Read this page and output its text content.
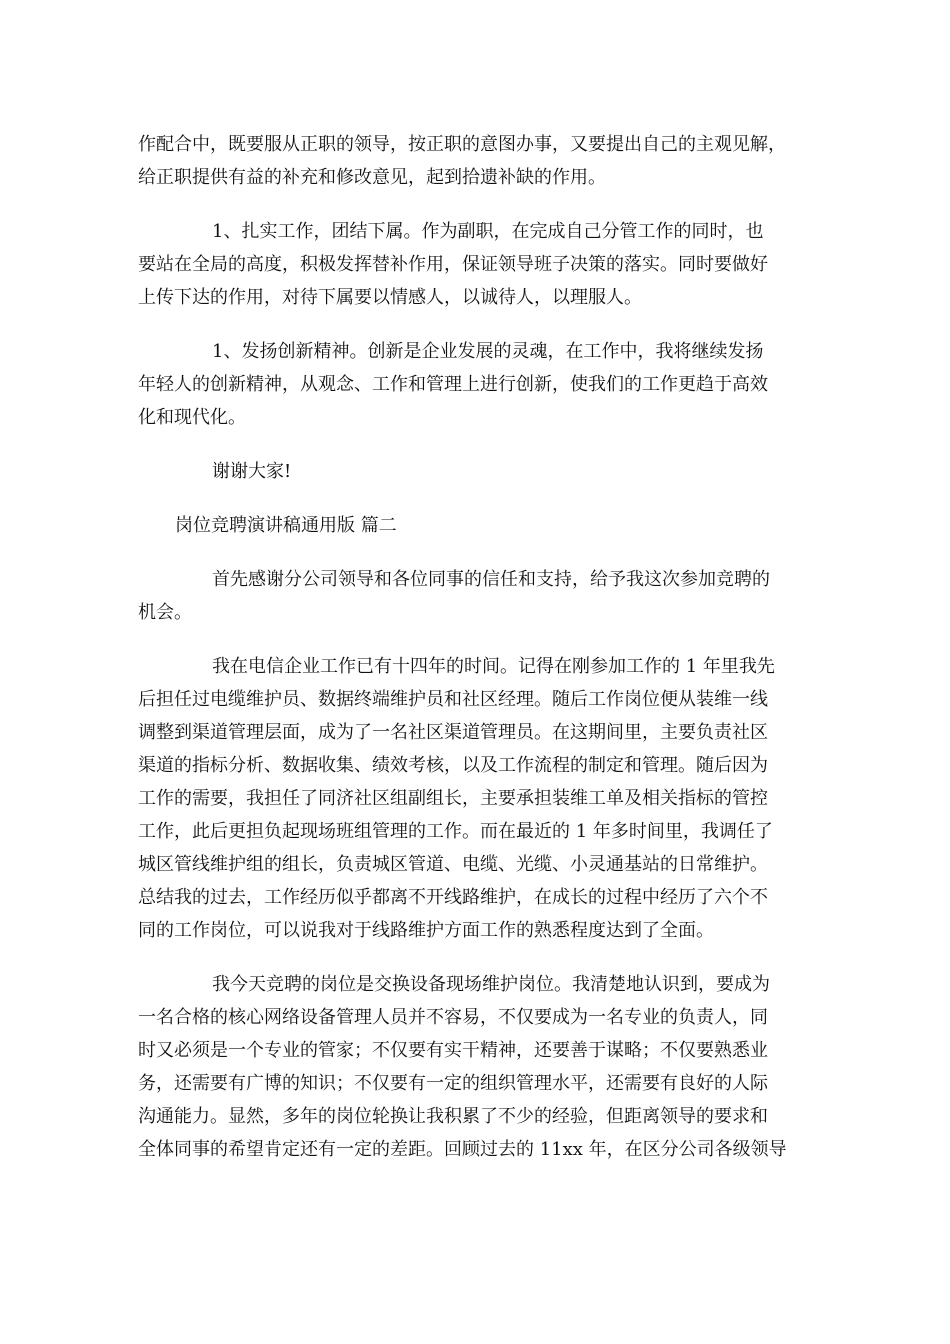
作配合中，既要服从正职的领导，按正职的意图办事，又要提出自己的主观见解，
给正职提供有益的补充和修改意见，起到拾遗补缺的作用。
1、扎实工作，团结下属。作为副职，在完成自己分管工作的同时，也
要站在全局的高度，积极发挥替补作用，保证领导班子决策的落实。同时要做好
上传下达的作用，对待下属要以情感人，以诚待人，以理服人。
1、发扬创新精神。创新是企业发展的灵魂，在工作中，我将继续发扬
年轻人的创新精神，从观念、工作和管理上进行创新，使我们的工作更趋于高效
化和现代化。
谢谢大家!
岗位竞聘演讲稿通用版 篇二
首先感谢分公司领导和各位同事的信任和支持，给予我这次参加竞聘的
机会。
我在电信企业工作已有十四年的时间。记得在刚参加工作的 1 年里我先
后担任过电缆维护员、数据终端维护员和社区经理。随后工作岗位便从装维一线
调整到渠道管理层面，成为了一名社区渠道管理员。在这期间里，主要负责社区
渠道的指标分析、数据收集、绩效考核，以及工作流程的制定和管理。随后因为
工作的需要，我担任了同济社区组副组长，主要承担装维工单及相关指标的管控
工作，此后更担负起现场班组管理的工作。而在最近的 1 年多时间里，我调任了
城区管线维护组的组长，负责城区管道、电缆、光缆、小灵通基站的日常维护。
总结我的过去，工作经历似乎都离不开线路维护，在成长的过程中经历了六个不
同的工作岗位，可以说我对于线路维护方面工作的熟悉程度达到了全面。
我今天竞聘的岗位是交换设备现场维护岗位。我清楚地认识到，要成为
一名合格的核心网络设备管理人员并不容易，不仅要成为一名专业的负责人，同
时又必须是一个专业的管家；不仅要有实干精神，还要善于谋略；不仅要熟悉业
务，还需要有广博的知识；不仅要有一定的组织管理水平，还需要有良好的人际
沟通能力。显然，多年的岗位轮换让我积累了不少的经验，但距离领导的要求和
全体同事的希望肯定还有一定的差距。回顾过去的 11xx 年，在区分公司各级领导
